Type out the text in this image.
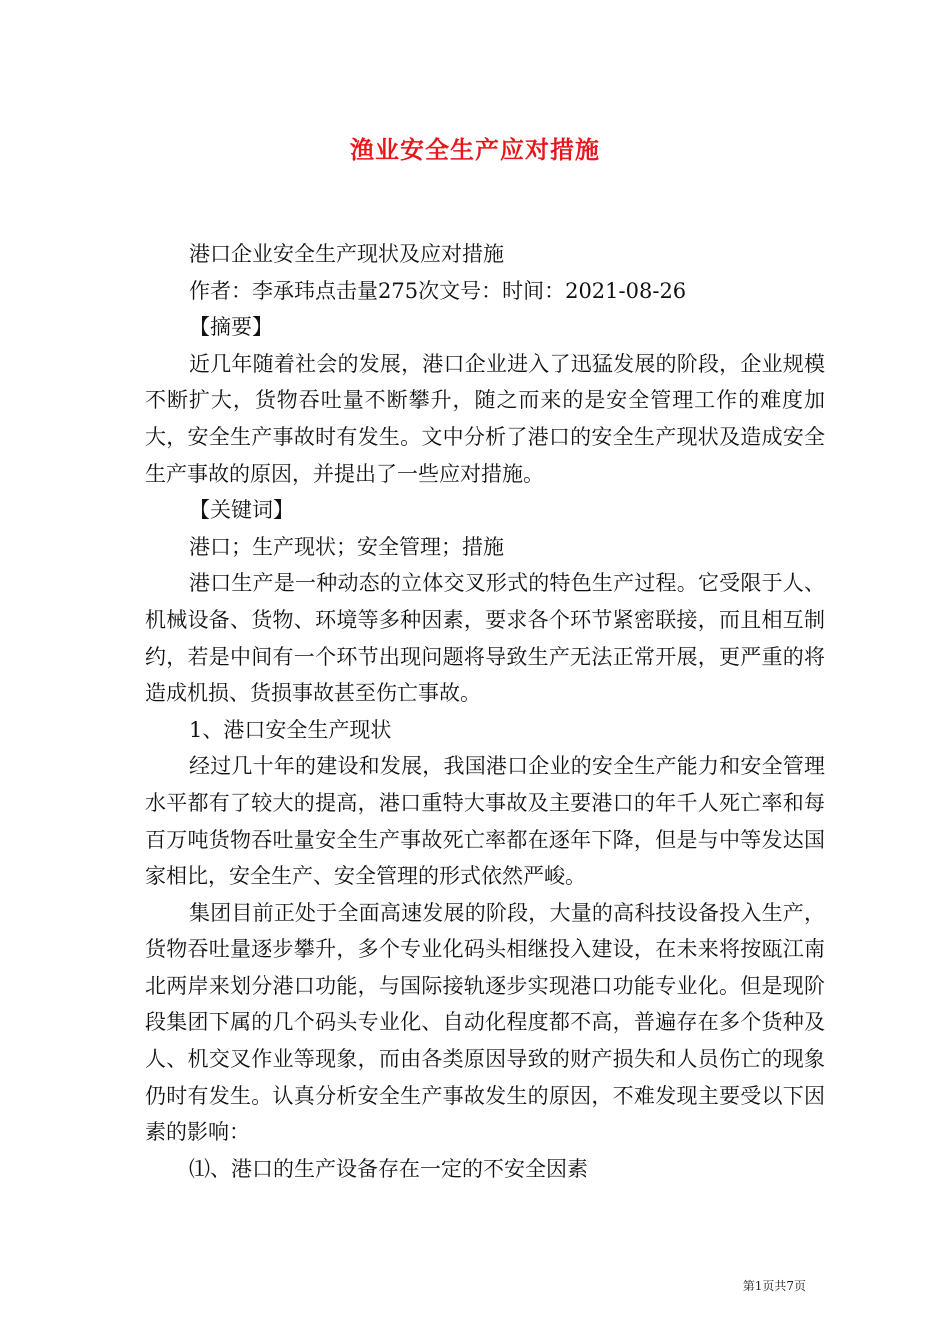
渔业安全生产应对措施

港口企业安全生产现状及应对措施

作者：李承玮点击量275次文号：时间：2021-08-26

【摘要】

近几年随着社会的发展，港口企业进入了迅猛发展的阶段，企业规模不断扩大，货物吞吐量不断攀升，随之而来的是安全管理工作的难度加大，安全生产事故时有发生。文中分析了港口的安全生产现状及造成安全生产事故的原因，并提出了一些应对措施。

【关键词】

港口；生产现状；安全管理；措施

港口生产是一种动态的立体交叉形式的特色生产过程。它受限于人、机械设备、货物、环境等多种因素，要求各个环节紧密联接，而且相互制约，若是中间有一个环节出现问题将导致生产无法正常开展，更严重的将造成机损、货损事故甚至伤亡事故。

1、港口安全生产现状

经过几十年的建设和发展，我国港口企业的安全生产能力和安全管理水平都有了较大的提高，港口重特大事故及主要港口的年千人死亡率和每百万吨货物吞吐量安全生产事故死亡率都在逐年下降，但是与中等发达国家相比，安全生产、安全管理的形式依然严峻。

集团目前正处于全面高速发展的阶段，大量的高科技设备投入生产，货物吞吐量逐步攀升，多个专业化码头相继投入建设，在未来将按瓯江南北两岸来划分港口功能，与国际接轨逐步实现港口功能专业化。但是现阶段集团下属的几个码头专业化、自动化程度都不高，普遍存在多个货种及人、机交叉作业等现象，而由各类原因导致的财产损失和人员伤亡的现象仍时有发生。认真分析安全生产事故发生的原因，不难发现主要受以下因素的影响：

⑴、港口的生产设备存在一定的不安全因素

第1页共7页
